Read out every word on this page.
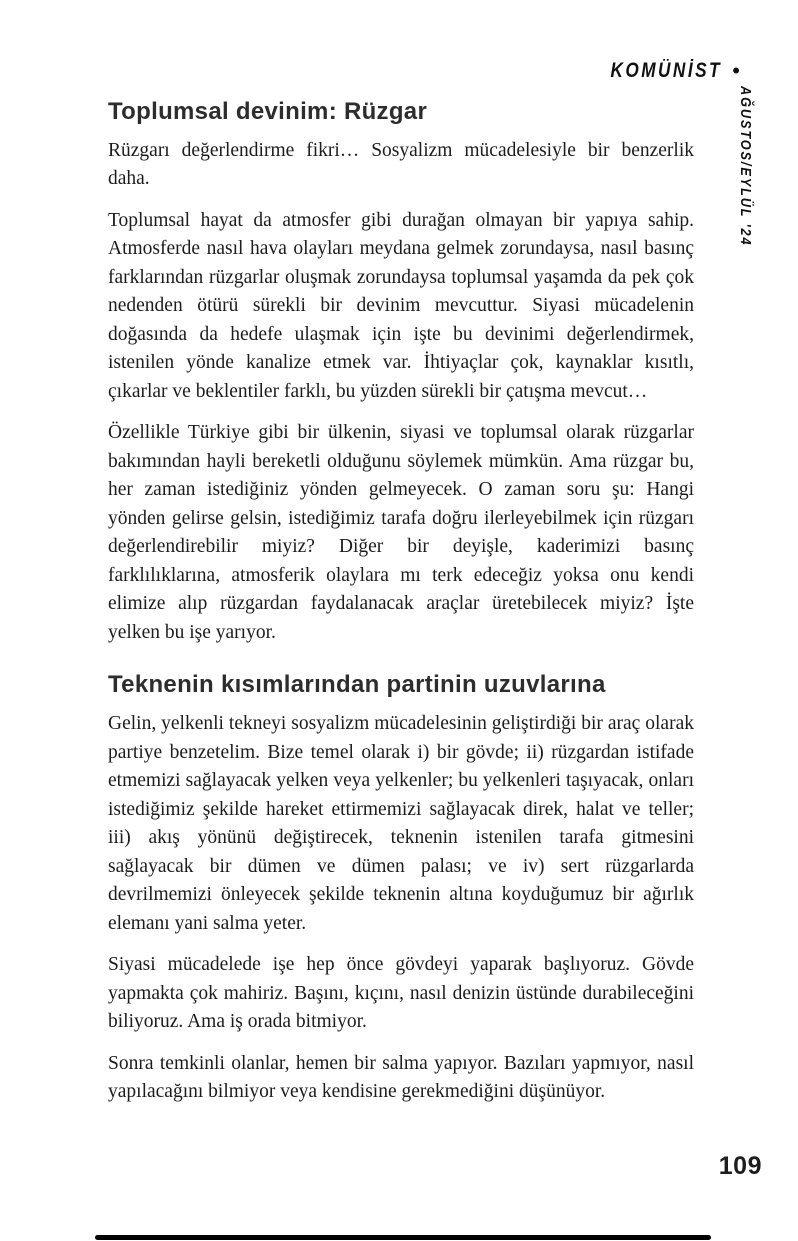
KOMÜNİST •
AĞUSTOS/EYLÜL '24
Toplumsal devinim: Rüzgar

Rüzgarı değerlendirme fikri… Sosyalizm mücadelesiyle bir benzerlik daha.

Toplumsal hayat da atmosfer gibi durağan olmayan bir yapıya sahip. Atmosferde nasıl hava olayları meydana gelmek zorundaysa, nasıl basınç farklarından rüzgarlar oluşmak zorundaysa toplumsal yaşamda da pek çok nedenden ötürü sürekli bir devinim mevcuttur. Siyasi mücadelenin doğasında da hedefe ulaşmak için işte bu devinimi değerlendirmek, istenilen yönde kanalize etmek var. İhtiyaçlar çok, kaynaklar kısıtlı, çıkarlar ve beklentiler farklı, bu yüzden sürekli bir çatışma mevcut…

Özellikle Türkiye gibi bir ülkenin, siyasi ve toplumsal olarak rüzgarlar bakımından hayli bereketli olduğunu söylemek mümkün. Ama rüzgar bu, her zaman istediğiniz yönden gelmeyecek. O zaman soru şu: Hangi yönden gelirse gelsin, istediğimiz tarafa doğru ilerleyebilmek için rüzgarı değerlendirebilir miyiz? Diğer bir deyişle, kaderimizi basınç farklılıklarına, atmosferik olaylara mı terk edeceğiz yoksa onu kendi elimize alıp rüzgardan faydalanacak araçlar üretebilecek miyiz? İşte yelken bu işe yarıyor.

Teknenin kısımlarından partinin uzuvlarına

Gelin, yelkenli tekneyi sosyalizm mücadelesinin geliştirdiği bir araç olarak partiye benzetelim. Bize temel olarak i) bir gövde; ii) rüzgardan istifade etmemizi sağlayacak yelken veya yelkenler; bu yelkenleri taşıyacak, onları istediğimiz şekilde hareket ettirmemizi sağlayacak direk, halat ve teller; iii) akış yönünü değiştirecek, teknenin istenilen tarafa gitmesini sağlayacak bir dümen ve dümen palası; ve iv) sert rüzgarlarda devrilmemizi önleyecek şekilde teknenin altına koyduğumuz bir ağırlık elemanı yani salma yeter.

Siyasi mücadelede işe hep önce gövdeyi yaparak başlıyoruz. Gövde yapmakta çok mahiriz. Başını, kıçını, nasıl denizin üstünde durabileceğini biliyoruz. Ama iş orada bitmiyor.

Sonra temkinli olanlar, hemen bir salma yapıyor. Bazıları yapmıyor, nasıl yapılacağını bilmiyor veya kendisine gerekmediğini düşünüyor.

109
